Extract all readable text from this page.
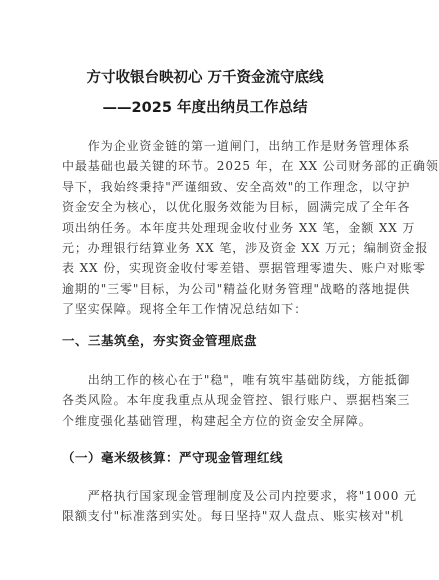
方寸收银台映初心 万千资金流守底线
——2025 年度出纳员工作总结

　　作为企业资金链的第一道闸门，出纳工作是财务管理体系
中最基础也最关键的环节。2025 年，在 XX 公司财务部的正确领
导下，我始终秉持"严谨细致、安全高效"的工作理念，以守护
资金安全为核心，以优化服务效能为目标，圆满完成了全年各
项出纳任务。本年度共处理现金收付业务 XX 笔，金额 XX 万
元；办理银行结算业务 XX 笔，涉及资金 XX 万元；编制资金报
表 XX 份，实现资金收付零差错、票据管理零遗失、账户对账零
逾期的"三零"目标，为公司"精益化财务管理"战略的落地提供
了坚实保障。现将全年工作情况总结如下：

一、三基筑垒，夯实资金管理底盘

　　出纳工作的核心在于"稳"，唯有筑牢基础防线，方能抵御
各类风险。本年度我重点从现金管控、银行账户、票据档案三
个维度强化基础管理，构建起全方位的资金安全屏障。

（一）毫米级核算：严守现金管理红线

　　严格执行国家现金管理制度及公司内控要求，将"1000 元
限额支付"标准落到实处。每日坚持"双人盘点、账实核对"机
